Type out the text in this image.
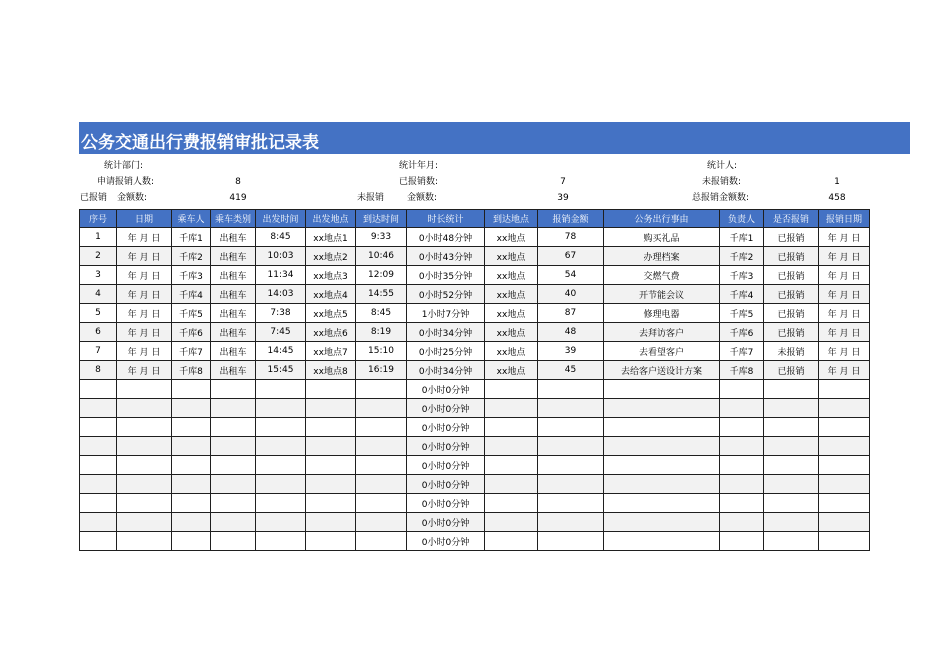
公务交通出行费报销审批记录表
统计部门:	统计年月:	统计人:
申请报销人数:	8	已报销数:	7	未报销数:	1
已报销 金额数:	419	未报销	金额数:	39	总报销金额数:	458
序号	日期	乘车人	乘车类别	出发时间	出发地点	到达时间	时长统计	到达地点	报销金额	公务出行事由	负责人	是否报销	报销日期
1	年 月 日	千库1	出租车	8:45	xx地点1	9:33	0小时48分钟	xx地点	78	购买礼品	千库1	已报销	年 月 日
2	年 月 日	千库2	出租车	10:03	xx地点2	10:46	0小时43分钟	xx地点	67	办理档案	千库2	已报销	年 月 日
3	年 月 日	千库3	出租车	11:34	xx地点3	12:09	0小时35分钟	xx地点	54	交燃气费	千库3	已报销	年 月 日
4	年 月 日	千库4	出租车	14:03	xx地点4	14:55	0小时52分钟	xx地点	40	开节能会议	千库4	已报销	年 月 日
5	年 月 日	千库5	出租车	7:38	xx地点5	8:45	1小时7分钟	xx地点	87	修理电器	千库5	已报销	年 月 日
6	年 月 日	千库6	出租车	7:45	xx地点6	8:19	0小时34分钟	xx地点	48	去拜访客户	千库6	已报销	年 月 日
7	年 月 日	千库7	出租车	14:45	xx地点7	15:10	0小时25分钟	xx地点	39	去看望客户	千库7	未报销	年 月 日
8	年 月 日	千库8	出租车	15:45	xx地点8	16:19	0小时34分钟	xx地点	45	去给客户送设计方案	千库8	已报销	年 月 日
							0小时0分钟						
							0小时0分钟						
							0小时0分钟						
							0小时0分钟						
							0小时0分钟						
							0小时0分钟						
							0小时0分钟						
							0小时0分钟						
							0小时0分钟						
